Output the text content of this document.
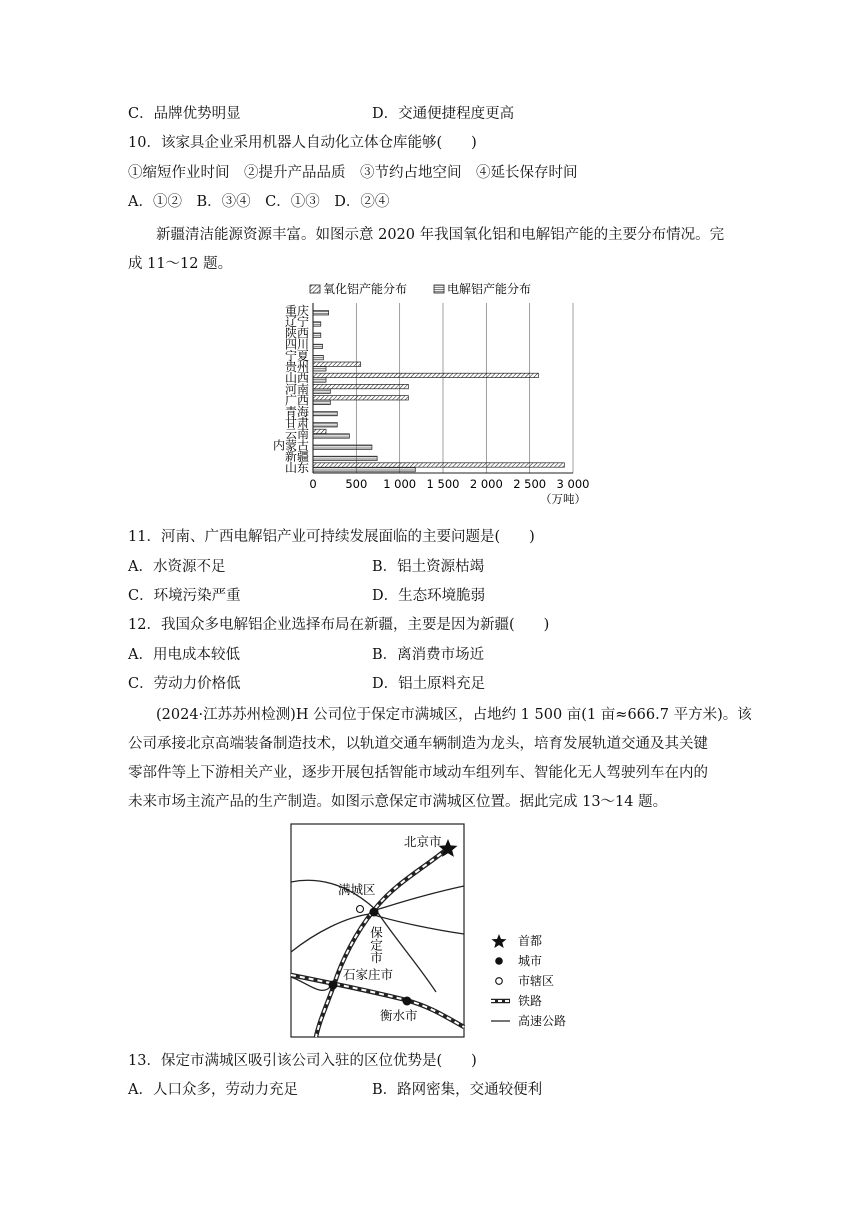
C．品牌优势明显	D．交通便捷程度更高
10．该家具企业采用机器人自动化立体仓库能够(　　)
①缩短作业时间　②提升产品品质　③节约占地空间　④延长保存时间
A．①②　B．③④　C．①③　D．②④
新疆清洁能源资源丰富。如图示意 2020 年我国氧化铝和电解铝产能的主要分布情况。完
成 11～12 题。
氧化铝产能分布	电解铝产能分布
重庆
辽宁
陕西
四川
宁夏
贵州
山西
河南
广西
青海
甘肃
云南
内蒙古
新疆
山东
0 500 1 000 1 500 2 000 2 500 3 000
（万吨）
11．河南、广西电解铝产业可持续发展面临的主要问题是(　　)
A．水资源不足	B．铝土资源枯竭
C．环境污染严重	D．生态环境脆弱
12．我国众多电解铝企业选择布局在新疆，主要是因为新疆(　　)
A．用电成本较低	B．离消费市场近
C．劳动力价格低	D．铝土原料充足
(2024·江苏苏州检测)H 公司位于保定市满城区，占地约 1 500 亩(1 亩≈666.7 平方米)。该
公司承接北京高端装备制造技术，以轨道交通车辆制造为龙头，培育发展轨道交通及其关键
零部件等上下游相关产业，逐步开展包括智能市域动车组列车、智能化无人驾驶列车在内的
未来市场主流产品的生产制造。如图示意保定市满城区位置。据此完成 13～14 题。
北京市
满城区
保定市
石家庄市
衡水市
首都
城市
市辖区
铁路
高速公路
13．保定市满城区吸引该公司入驻的区位优势是(　　)
A．人口众多，劳动力充足	B．路网密集，交通较便利
